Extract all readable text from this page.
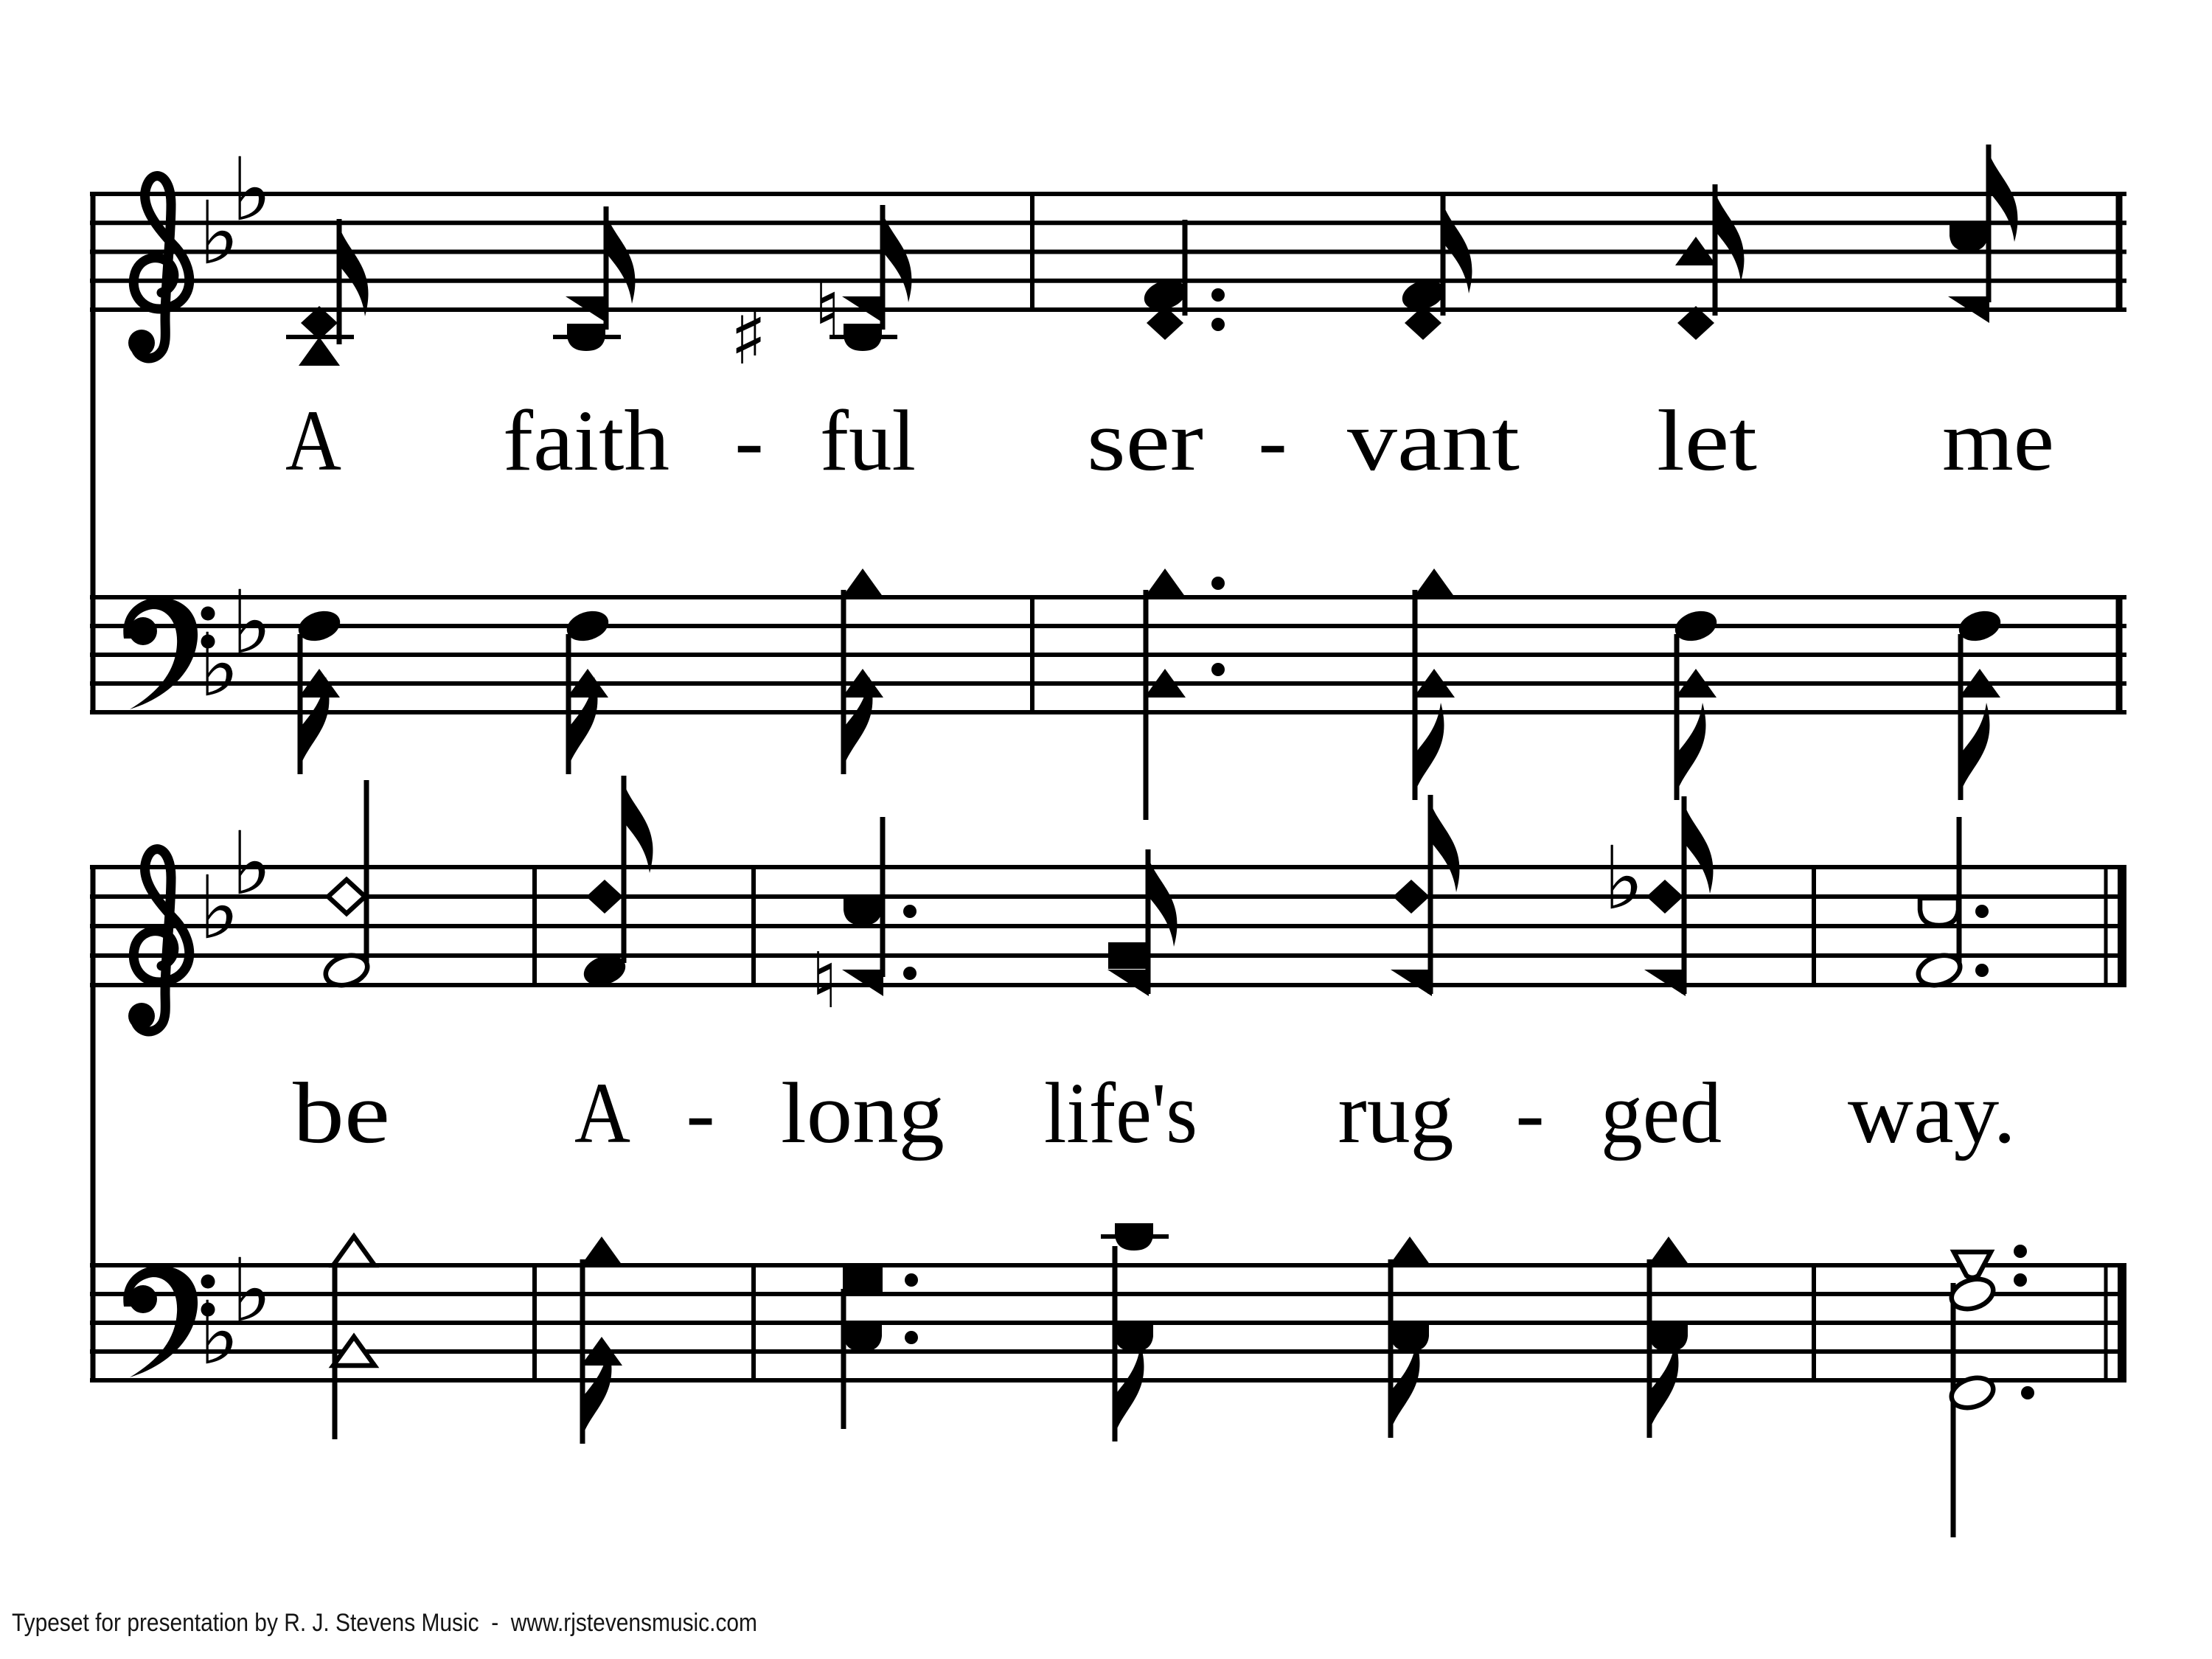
♭
♭
♯ ♮
♭
♭
A faith - ful ser - vant let me
♭
♭
♮
♭
♭
♭
be A - long life's rug - ged way.
Typeset for presentation by R. J. Stevens Music  -  www.rjstevensmusic.com
